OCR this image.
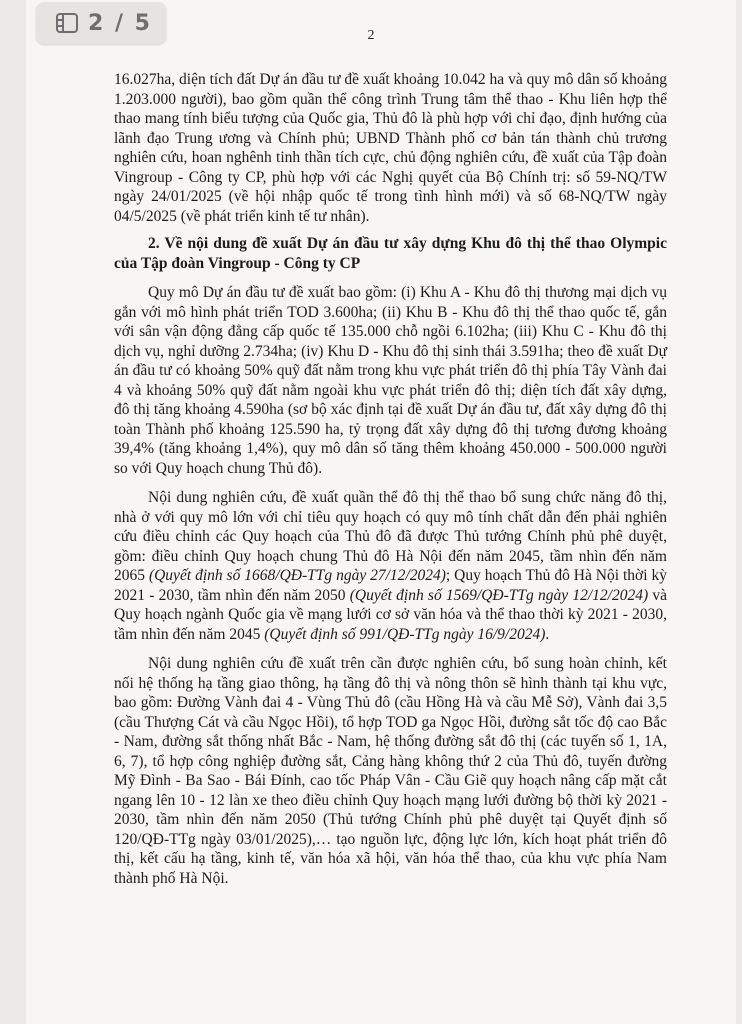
2 / 5	2

16.027ha, diện tích đất Dự án đầu tư đề xuất khoảng 10.042 ha và quy mô dân số khoảng 1.203.000 người), bao gồm quần thể công trình Trung tâm thể thao - Khu liên hợp thể thao mang tính biểu tượng của Quốc gia, Thủ đô là phù hợp với chỉ đạo, định hướng của lãnh đạo Trung ương và Chính phủ; UBND Thành phố cơ bản tán thành chủ trương nghiên cứu, hoan nghênh tinh thần tích cực, chủ động nghiên cứu, đề xuất của Tập đoàn Vingroup - Công ty CP, phù hợp với các Nghị quyết của Bộ Chính trị: số 59-NQ/TW ngày 24/01/2025 (về hội nhập quốc tế trong tình hình mới) và số 68-NQ/TW ngày 04/5/2025 (về phát triển kinh tế tư nhân).

2. Về nội dung đề xuất Dự án đầu tư xây dựng Khu đô thị thể thao Olympic của Tập đoàn Vingroup - Công ty CP

Quy mô Dự án đầu tư đề xuất bao gồm: (i) Khu A - Khu đô thị thương mại dịch vụ gắn với mô hình phát triển TOD 3.600ha; (ii) Khu B - Khu đô thị thể thao quốc tế, gắn với sân vận động đẳng cấp quốc tế 135.000 chỗ ngồi 6.102ha; (iii) Khu C - Khu đô thị dịch vụ, nghỉ dưỡng 2.734ha; (iv) Khu D - Khu đô thị sinh thái 3.591ha; theo đề xuất Dự án đầu tư có khoảng 50% quỹ đất nằm trong khu vực phát triển đô thị phía Tây Vành đai 4 và khoảng 50% quỹ đất nằm ngoài khu vực phát triển đô thị; diện tích đất xây dựng, đô thị tăng khoảng 4.590ha (sơ bộ xác định tại đề xuất Dự án đầu tư, đất xây dựng đô thị toàn Thành phố khoảng 125.590 ha, tỷ trọng đất xây dựng đô thị tương đương khoảng 39,4% (tăng khoảng 1,4%), quy mô dân số tăng thêm khoảng 450.000 - 500.000 người so với Quy hoạch chung Thủ đô).

Nội dung nghiên cứu, đề xuất quần thể đô thị thể thao bổ sung chức năng đô thị, nhà ở với quy mô lớn với chỉ tiêu quy hoạch có quy mô tính chất dẫn đến phải nghiên cứu điều chỉnh các Quy hoạch của Thủ đô đã được Thủ tướng Chính phủ phê duyệt, gồm: điều chỉnh Quy hoạch chung Thủ đô Hà Nội đến năm 2045, tầm nhìn đến năm 2065 (Quyết định số 1668/QĐ-TTg ngày 27/12/2024); Quy hoạch Thủ đô Hà Nội thời kỳ 2021 - 2030, tầm nhìn đến năm 2050 (Quyết định số 1569/QĐ-TTg ngày 12/12/2024) và Quy hoạch ngành Quốc gia về mạng lưới cơ sở văn hóa và thể thao thời kỳ 2021 - 2030, tầm nhìn đến năm 2045 (Quyết định số 991/QĐ-TTg ngày 16/9/2024).

Nội dung nghiên cứu đề xuất trên cần được nghiên cứu, bổ sung hoàn chỉnh, kết nối hệ thống hạ tầng giao thông, hạ tầng đô thị và nông thôn sẽ hình thành tại khu vực, bao gồm: Đường Vành đai 4 - Vùng Thủ đô (cầu Hồng Hà và cầu Mễ Sở), Vành đai 3,5 (cầu Thượng Cát và cầu Ngọc Hồi), tổ hợp TOD ga Ngọc Hồi, đường sắt tốc độ cao Bắc - Nam, đường sắt thống nhất Bắc - Nam, hệ thống đường sắt đô thị (các tuyến số 1, 1A, 6, 7), tổ hợp công nghiệp đường sắt, Cảng hàng không thứ 2 của Thủ đô, tuyến đường Mỹ Đình - Ba Sao - Bái Đính, cao tốc Pháp Vân - Cầu Giẽ quy hoạch nâng cấp mặt cắt ngang lên 10 - 12 làn xe theo điều chỉnh Quy hoạch mạng lưới đường bộ thời kỳ 2021 - 2030, tầm nhìn đến năm 2050 (Thủ tướng Chính phủ phê duyệt tại Quyết định số 120/QĐ-TTg ngày 03/01/2025),… tạo nguồn lực, động lực lớn, kích hoạt phát triển đô thị, kết cấu hạ tầng, kinh tế, văn hóa xã hội, văn hóa thể thao, của khu vực phía Nam thành phố Hà Nội.
